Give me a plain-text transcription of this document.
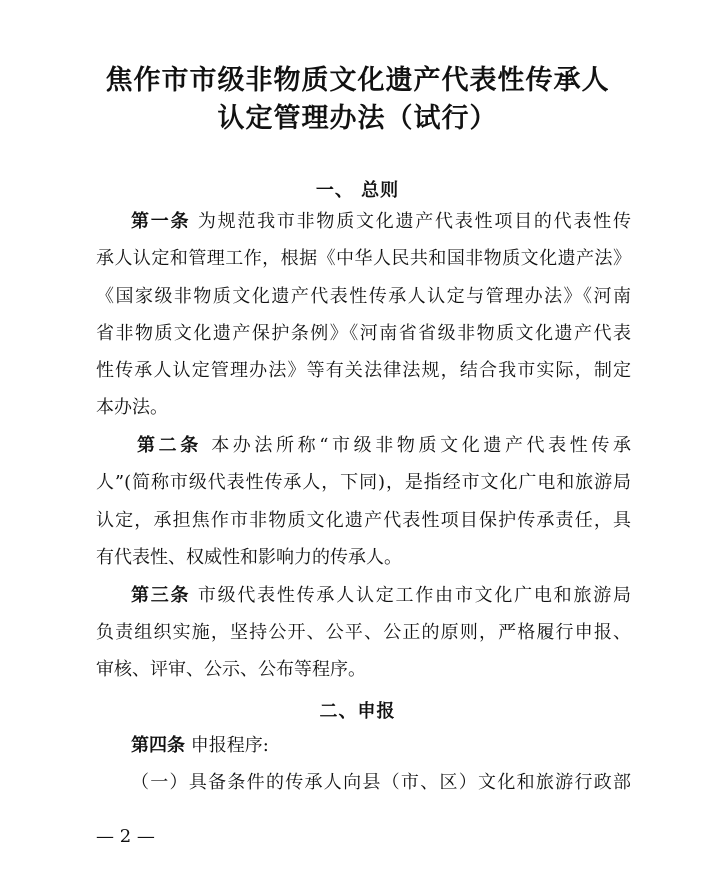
焦作市市级非物质文化遗产代表性传承人
认定管理办法（试行）
一、 总则
第一条 为规范我市非物质文化遗产代表性项目的代表性传
承人认定和管理工作，根据《中华人民共和国非物质文化遗产法》
《国家级非物质文化遗产代表性传承人认定与管理办法》《河南
省非物质文化遗产保护条例》《河南省省级非物质文化遗产代表
性传承人认定管理办法》等有关法律法规，结合我市实际，制定
本办法。
第二条 本办法所称“市级非物质文化遗产代表性传承
人”(简称市级代表性传承人，下同)，是指经市文化广电和旅游局
认定，承担焦作市非物质文化遗产代表性项目保护传承责任，具
有代表性、权威性和影响力的传承人。
第三条 市级代表性传承人认定工作由市文化广电和旅游局
负责组织实施，坚持公开、公平、公正的原则，严格履行申报、
审核、评审、公示、公布等程序。
二、申报
第四条 申报程序:
（一）具备条件的传承人向县（市、区）文化和旅游行政部
— 2 —
